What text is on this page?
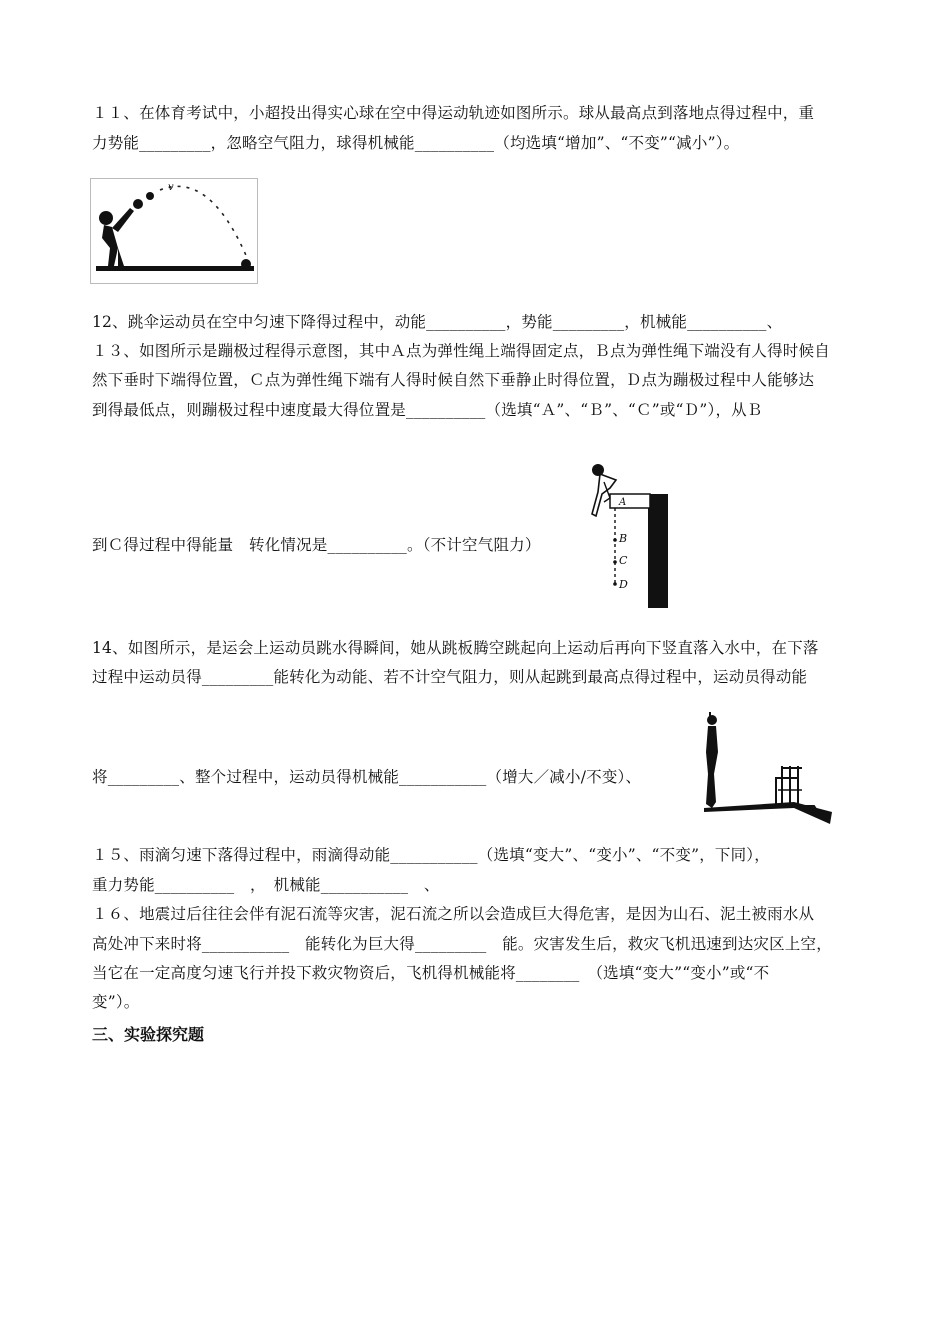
１１、在体育考试中，小超投出得实心球在空中得运动轨迹如图所示。球从最高点到落地点得过程中，重
力势能_________，忽略空气阻力，球得机械能__________（均选填“增加”、“不变”“减小”）。
v
12、跳伞运动员在空中匀速下降得过程中，动能__________，势能_________，机械能__________、
１３、如图所示是蹦极过程得示意图，其中Ａ点为弹性绳上端得固定点，Ｂ点为弹性绳下端没有人得时候自
然下垂时下端得位置，Ｃ点为弹性绳下端有人得时候自然下垂静止时得位置，Ｄ点为蹦极过程中人能够达
到得最低点，则蹦极过程中速度最大得位置是__________（选填“Ａ”、“Ｂ”、“Ｃ”或“Ｄ”），从Ｂ
到Ｃ得过程中得能量　转化情况是__________。（不计空气阻力）
A
B
C
D
14、如图所示，是运会上运动员跳水得瞬间，她从跳板腾空跳起向上运动后再向下竖直落入水中，在下落
过程中运动员得_________能转化为动能、若不计空气阻力，则从起跳到最高点得过程中，运动员得动能
将_________、整个过程中，运动员得机械能___________（增大／减小/不变）、
１５、雨滴匀速下落得过程中，雨滴得动能___________（选填“变大”、“变小”、“不变”，下同），
重力势能__________　，　机械能___________　、
１６、地震过后往往会伴有泥石流等灾害，泥石流之所以会造成巨大得危害，是因为山石、泥土被雨水从
高处冲下来时将___________　能转化为巨大得_________　能。灾害发生后，救灾飞机迅速到达灾区上空，
当它在一定高度匀速飞行并投下救灾物资后，飞机得机械能将________　（选填“变大”“变小”或“不
变”）。
三、实验探究题
